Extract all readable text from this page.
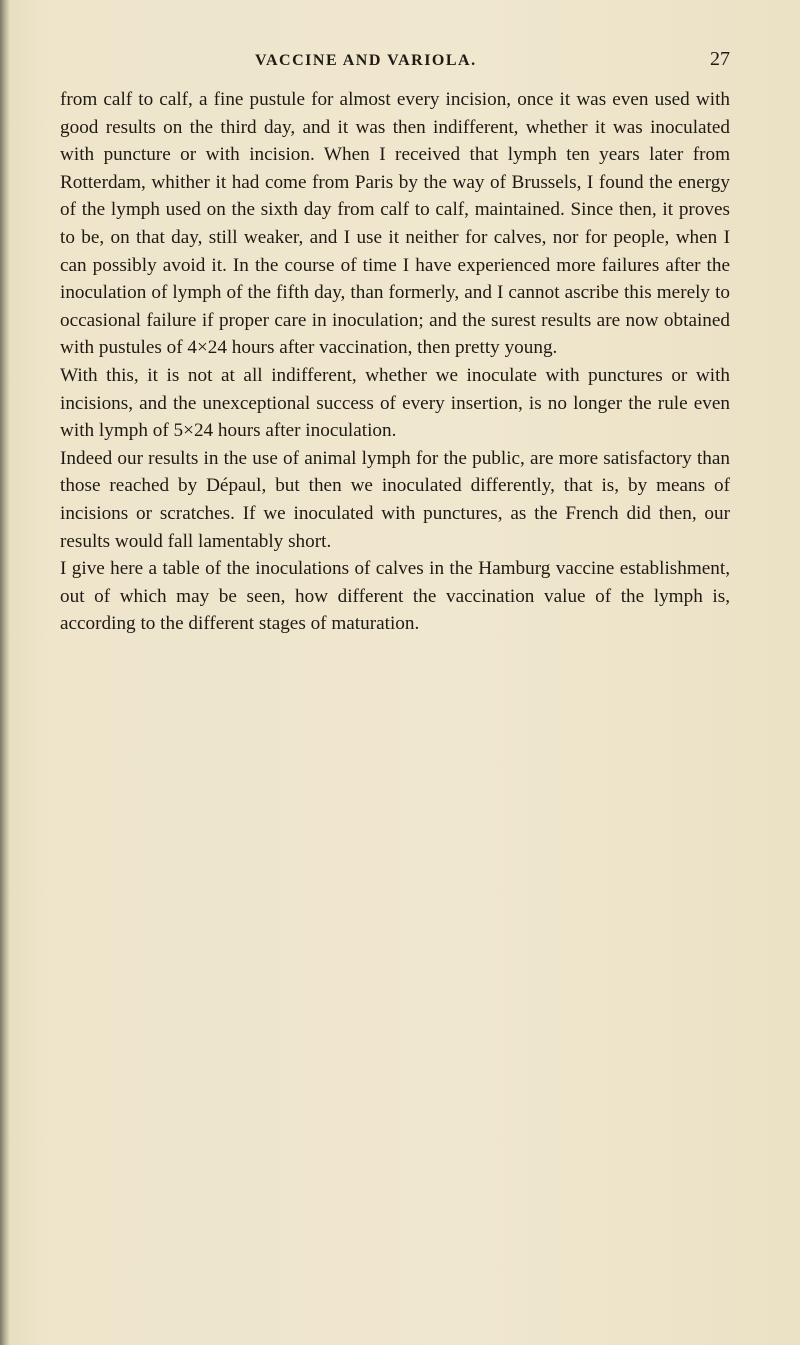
VACCINE AND VARIOLA.	27

from calf to calf, a fine pustule for almost every incision, once it was even used with good results on the third day, and it was then indifferent, whether it was inoculated with puncture or with incision. When I received that lymph ten years later from Rotterdam, whither it had come from Paris by the way of Brussels, I found the energy of the lymph used on the sixth day from calf to calf, maintained. Since then, it proves to be, on that day, still weaker, and I use it neither for calves, nor for people, when I can possibly avoid it. In the course of time I have experienced more failures after the inoculation of lymph of the fifth day, than formerly, and I cannot ascribe this merely to occasional failure if proper care in inoculation; and the surest results are now obtained with pustules of 4×24 hours after vaccination, then pretty young.

With this, it is not at all indifferent, whether we inoculate with punctures or with incisions, and the unexceptional success of every insertion, is no longer the rule even with lymph of 5×24 hours after inoculation.

Indeed our results in the use of animal lymph for the public, are more satisfactory than those reached by Dépaul, but then we inoculated differently, that is, by means of incisions or scratches. If we inoculated with punctures, as the French did then, our results would fall lamentably short.

I give here a table of the inoculations of calves in the Hamburg vaccine establishment, out of which may be seen, how different the vaccination value of the lymph is, according to the different stages of maturation.
